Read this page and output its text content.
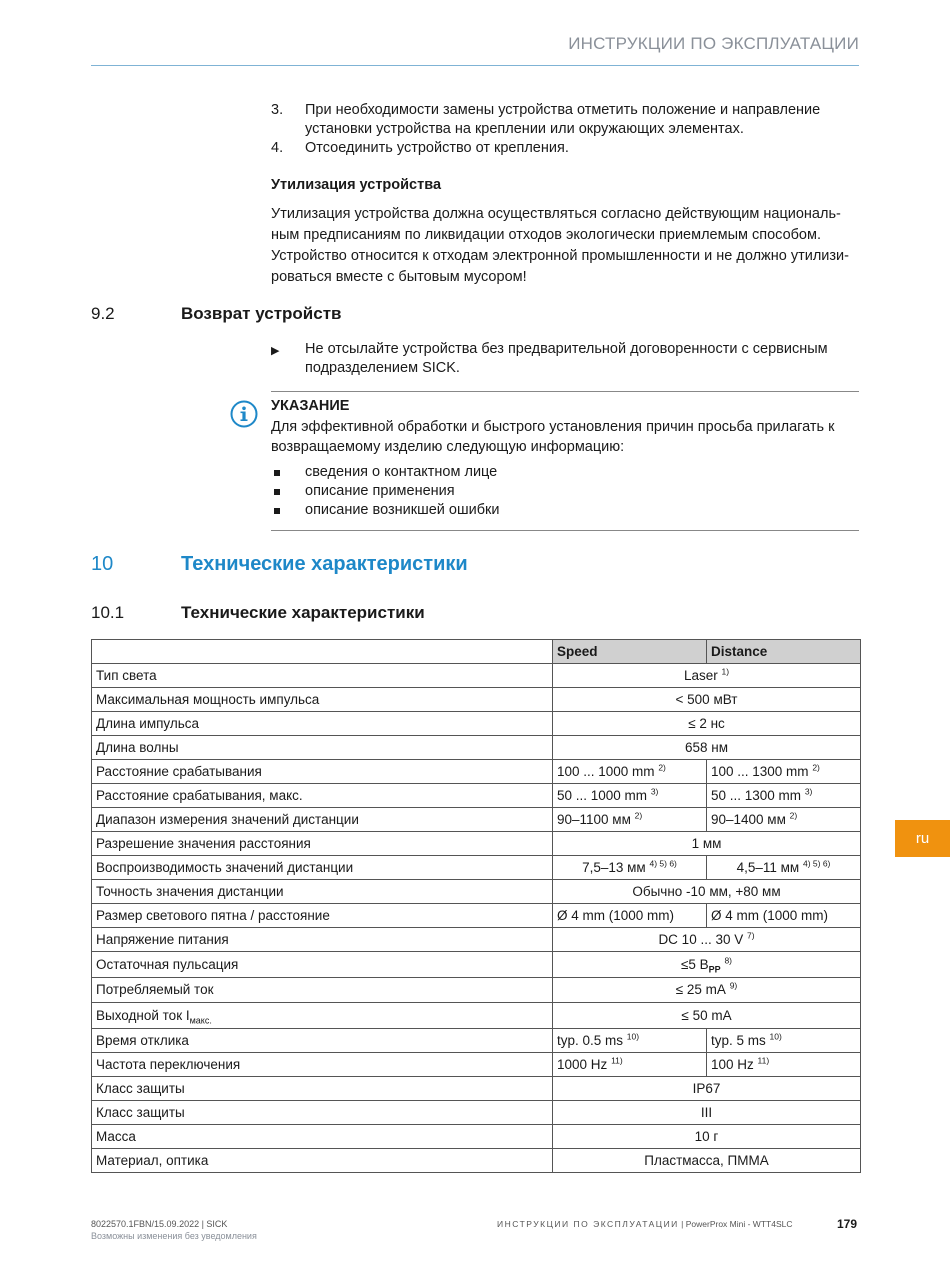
ИНСТРУКЦИИ ПО ЭКСПЛУАТАЦИИ
3.	При необходимости замены устройства отметить положение и направление установки устройства на креплении или окружающих элементах.
4.	Отсоединить устройство от крепления.
Утилизация устройства
Утилизация устройства должна осуществляться согласно действующим национальным предписаниям по ликвидации отходов экологически приемлемым способом. Устройство относится к отходам электронной промышленности и не должно утилизироваться вместе с бытовым мусором!
9.2	Возврат устройств
▶	Не отсылайте устройства без предварительной договоренности с сервисным подразделением SICK.
УКАЗАНИЕ
Для эффективной обработки и быстрого установления причин просьба прилагать к возвращаемому изделию следующую информацию:
сведения о контактном лице
описание применения
описание возникшей ошибки
10	Технические характеристики
10.1	Технические характеристики
	Speed	Distance
Тип света	Laser $^{1)}$
Максимальная мощность импульса	< 500 мВт	
Длина импульса	≤ 2 нс	
Длина волны	658 нм	
Расстояние срабатывания	100 ... 1000 mm $^{2)}$	100 ... 1300 mm $^{2)}$
Расстояние срабатывания, макс.	50 ... 1000 mm $^{3)}$	50 ... 1300 mm $^{3)}$
Диапазон измерения значений дистанции	90–1100 мм $^{2)}$	90–1400 мм $^{2)}$
Разрешение значения расстояния	1 мм	
Воспроизводимость значений дистанции	7,5–13 мм $^{4) 5) 6)}$	4,5–11 мм $^{4) 5) 6)}$
Точность значения дистанции	Обычно -10 мм, +80 мм	
Размер светового пятна / расстояние	Ø 4 mm (1000 mm)	Ø 4 mm (1000 mm)
Напряжение питания	DC 10 ... 30 V $^{7)}$
Остаточная пульсация	≤5 $B_{PP}$ $^{8)}$
Потребляемый ток	≤ 25 mA $^{9)}$
Выходной ток $I_{макс.}$	≤ 50 mA	
Время отклика	typ. 0.5 ms $^{10)}$	typ. 5 ms $^{10)}$
Частота переключения	1000 Hz $^{11)}$	100 Hz $^{11)}$
Класс защиты	IP67	
Класс защиты	III	
Масса	10 г	
Материал, оптика	Пластмасса, ПММА	
ru
8022570.1FBN/15.09.2022 | SICK
Возможны изменения без уведомления
ИНСТРУКЦИИ ПО ЭКСПЛУАТАЦИИ | PowerProx Mini - WTT4SLC	179
